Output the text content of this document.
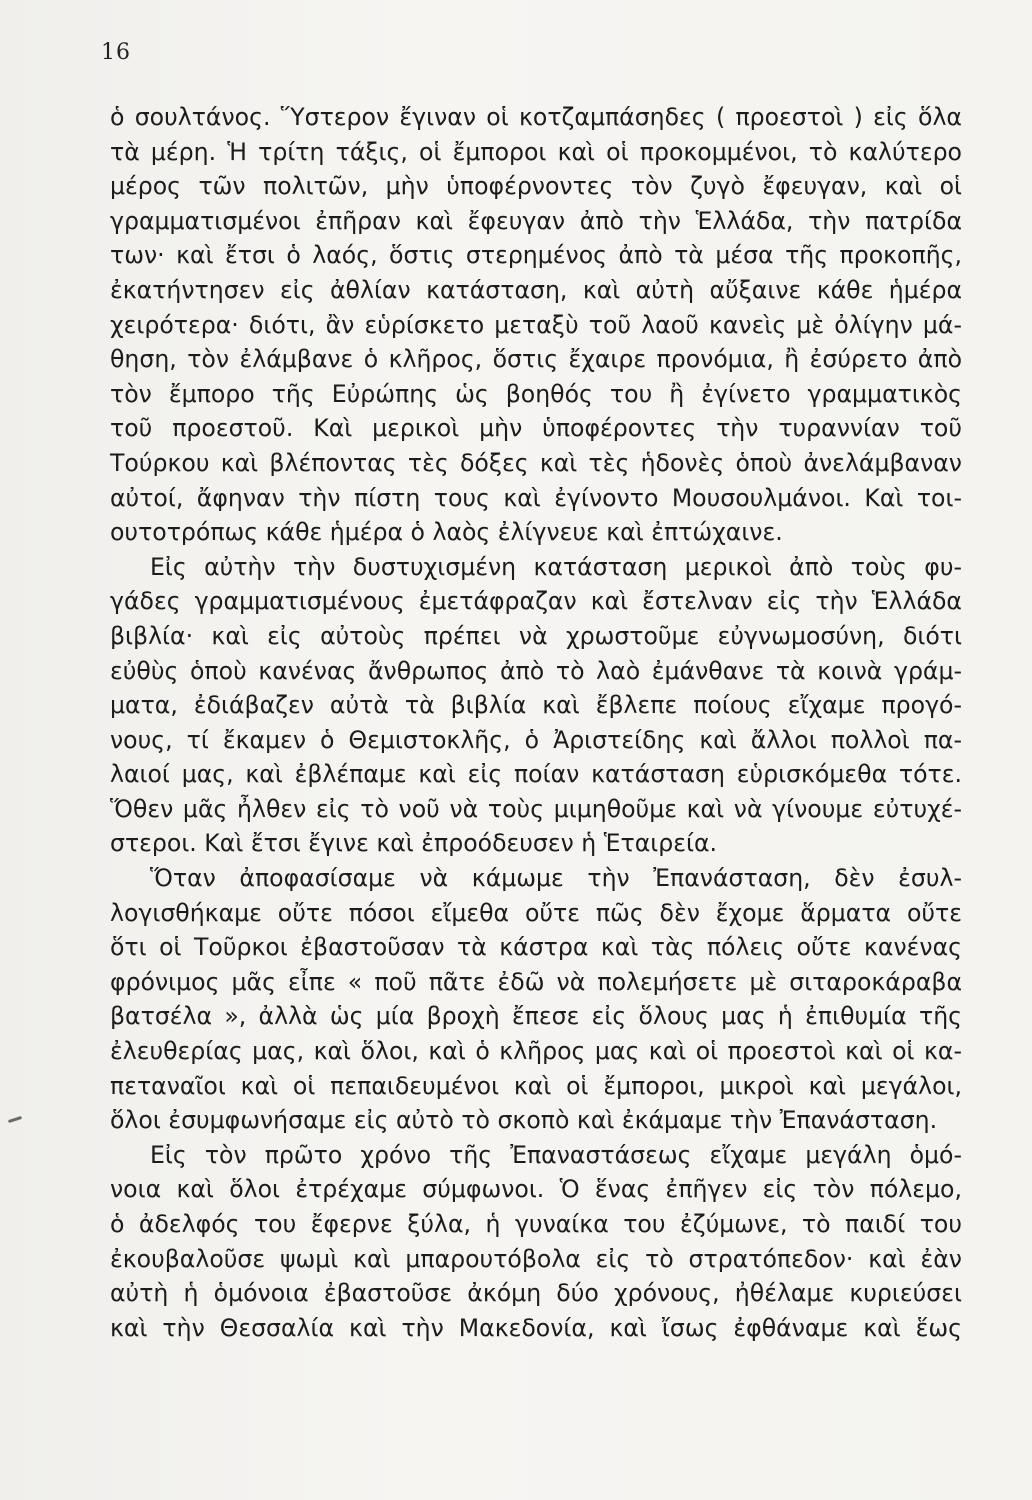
16
ὁ σουλτάνος. Ὕστερον ἔγιναν οἱ κοτζαμπάσηδες ( προεστοὶ ) εἰς ὅλα
τὰ μέρη. Ἡ τρίτη τάξις, οἱ ἔμποροι καὶ οἱ προκομμένοι, τὸ καλύτερο
μέρος τῶν πολιτῶν, μὴν ὑποφέρνοντες τὸν ζυγὸ ἔφευγαν, καὶ οἱ
γραμματισμένοι ἐπῆραν καὶ ἔφευγαν ἀπὸ τὴν Ἑλλάδα, τὴν πατρίδα
των· καὶ ἔτσι ὁ λαός, ὅστις στερημένος ἀπὸ τὰ μέσα τῆς προκοπῆς,
ἐκατήντησεν εἰς ἀθλίαν κατάσταση, καὶ αὐτὴ αὔξαινε κάθε ἡμέρα
χειρότερα· διότι, ἂν εὑρίσκετο μεταξὺ τοῦ λαοῦ κανεὶς μὲ ὀλίγην μά-
θηση, τὸν ἐλάμβανε ὁ κλῆρος, ὅστις ἔχαιρε προνόμια, ἢ ἐσύρετο ἀπὸ
τὸν ἔμπορο τῆς Εὐρώπης ὡς βοηθός του ἢ ἐγίνετο γραμματικὸς
τοῦ προεστοῦ. Καὶ μερικοὶ μὴν ὑποφέροντες τὴν τυραννίαν τοῦ
Τούρκου καὶ βλέποντας τὲς δόξες καὶ τὲς ἡδονὲς ὁποὺ ἀνελάμβαναν
αὐτοί, ἄφηναν τὴν πίστη τους καὶ ἐγίνοντο Μουσουλμάνοι. Καὶ τοι-
ουτοτρόπως κάθε ἡμέρα ὁ λαὸς ἐλίγνευε καὶ ἐπτώχαινε.
Εἰς αὐτὴν τὴν δυστυχισμένη κατάσταση μερικοὶ ἀπὸ τοὺς φυ-
γάδες γραμματισμένους ἐμετάφραζαν καὶ ἔστελναν εἰς τὴν Ἑλλάδα
βιβλία· καὶ εἰς αὐτοὺς πρέπει νὰ χρωστοῦμε εὐγνωμοσύνη, διότι
εὐθὺς ὁποὺ κανένας ἄνθρωπος ἀπὸ τὸ λαὸ ἐμάνθανε τὰ κοινὰ γράμ-
ματα, ἐδιάβαζεν αὐτὰ τὰ βιβλία καὶ ἔβλεπε ποίους εἴχαμε προγό-
νους, τί ἔκαμεν ὁ Θεμιστοκλῆς, ὁ Ἀριστείδης καὶ ἄλλοι πολλοὶ πα-
λαιοί μας, καὶ ἐβλέπαμε καὶ εἰς ποίαν κατάσταση εὑρισκόμεθα τότε.
Ὅθεν μᾶς ἦλθεν εἰς τὸ νοῦ νὰ τοὺς μιμηθοῦμε καὶ νὰ γίνουμε εὐτυχέ-
στεροι. Καὶ ἔτσι ἔγινε καὶ ἐπροόδευσεν ἡ Ἑταιρεία.
Ὅταν ἀποφασίσαμε νὰ κάμωμε τὴν Ἐπανάσταση, δὲν ἐσυλ-
λογισθήκαμε οὔτε πόσοι εἴμεθα οὔτε πῶς δὲν ἔχομε ἅρματα οὔτε
ὅτι οἱ Τοῦρκοι ἐβαστοῦσαν τὰ κάστρα καὶ τὰς πόλεις οὔτε κανένας
φρόνιμος μᾶς εἶπε « ποῦ πᾶτε ἐδῶ νὰ πολεμήσετε μὲ σιταροκάραβα
βατσέλα », ἀλλὰ ὡς μία βροχὴ ἔπεσε εἰς ὅλους μας ἡ ἐπιθυμία τῆς
ἐλευθερίας μας, καὶ ὅλοι, καὶ ὁ κλῆρος μας καὶ οἱ προεστοὶ καὶ οἱ κα-
πεταναῖοι καὶ οἱ πεπαιδευμένοι καὶ οἱ ἔμποροι, μικροὶ καὶ μεγάλοι,
ὅλοι ἐσυμφωνήσαμε εἰς αὐτὸ τὸ σκοπὸ καὶ ἐκάμαμε τὴν Ἐπανάσταση.
Εἰς τὸν πρῶτο χρόνο τῆς Ἐπαναστάσεως εἴχαμε μεγάλη ὁμό-
νοια καὶ ὅλοι ἐτρέχαμε σύμφωνοι. Ὁ ἕνας ἐπῆγεν εἰς τὸν πόλεμο,
ὁ ἀδελφός του ἔφερνε ξύλα, ἡ γυναίκα του ἐζύμωνε, τὸ παιδί του
ἐκουβαλοῦσε ψωμὶ καὶ μπαρουτόβολα εἰς τὸ στρατόπεδον· καὶ ἐὰν
αὐτὴ ἡ ὁμόνοια ἐβαστοῦσε ἀκόμη δύο χρόνους, ἠθέλαμε κυριεύσει
καὶ τὴν Θεσσαλία καὶ τὴν Μακεδονία, καὶ ἴσως ἐφθάναμε καὶ ἕως
